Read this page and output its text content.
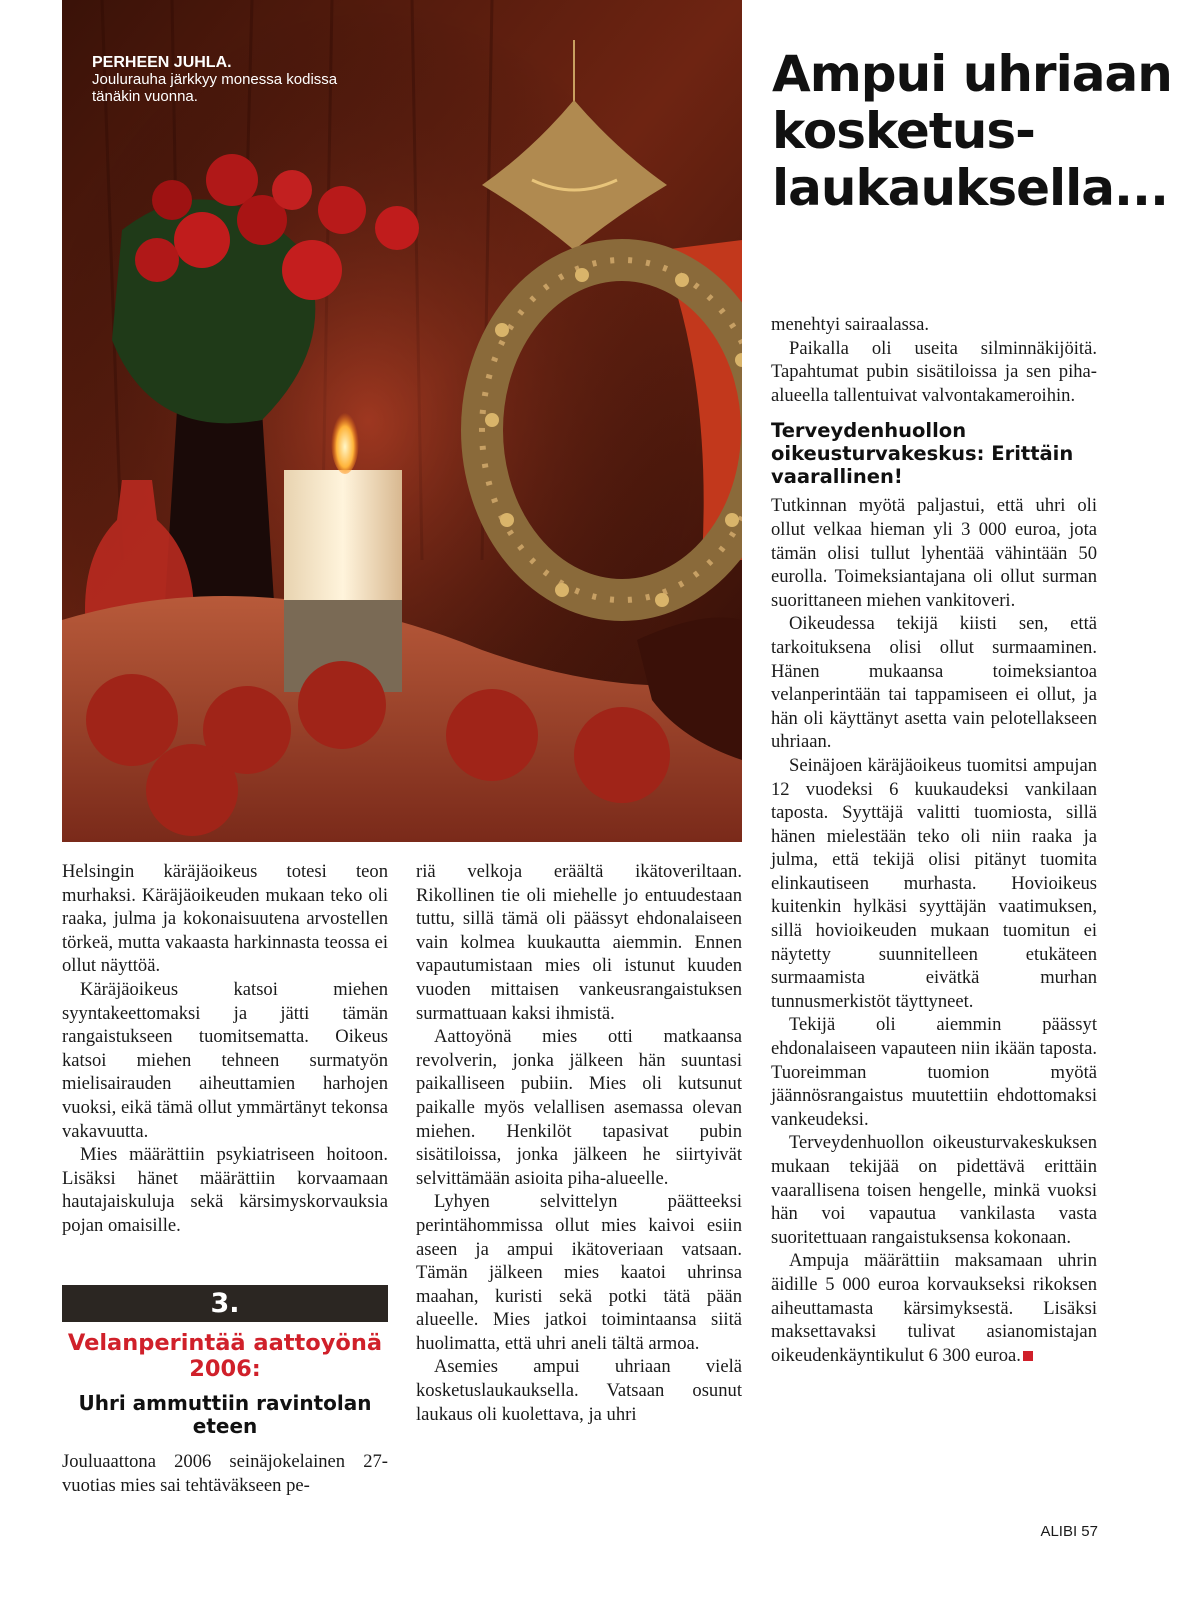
PERHEEN JUHLA.
Joulurauha järkkyy monessa kodissa tänäkin vuonna.	Ampui uhriaan kosketus-laukauksella...

Helsingin käräjäoikeus totesi teon murhaksi. Käräjäoikeuden mukaan teko oli raaka, julma ja kokonaisuutena arvostellen törkeä, mutta vakaasta harkinnasta teossa ei ollut näyttöä.

Käräjäoikeus katsoi miehen syyntakeettomaksi ja jätti tämän rangaistukseen tuomitsematta. Oikeus katsoi miehen tehneen surmatyön mielisairauden aiheuttamien harhojen vuoksi, eikä tämä ollut ymmärtänyt tekonsa vakavuutta.

Mies määrättiin psykiatriseen hoitoon. Lisäksi hänet määrättiin korvaamaan hautajaiskuluja sekä kärsimyskorvauksia pojan omaisille.

3.
Velanperintää aattoyönä 2006:
Uhri ammuttiin ravintolan eteen

Jouluaattona 2006 seinäjokelainen 27-vuotias mies sai tehtäväkseen pe-

riä velkoja eräältä ikätoveriltaan. Rikollinen tie oli miehelle jo entuudestaan tuttu, sillä tämä oli päässyt ehdonalaiseen vain kolmea kuukautta aiemmin. Ennen vapautumistaan mies oli istunut kuuden vuoden mittaisen vankeusrangaistuksen surmattuaan kaksi ihmistä.

Aattoyönä mies otti matkaansa revolverin, jonka jälkeen hän suuntasi paikalliseen pubiin. Mies oli kutsunut paikalle myös velallisen asemassa olevan miehen. Henkilöt tapasivat pubin sisätiloissa, jonka jälkeen he siirtyivät selvittämään asioita piha-alueelle.

Lyhyen selvittelyn päätteeksi perintähommissa ollut mies kaivoi esiin aseen ja ampui ikätoveriaan vatsaan. Tämän jälkeen mies kaatoi uhrinsa maahan, kuristi sekä potki tätä pään alueelle. Mies jatkoi toimintaansa siitä huolimatta, että uhri aneli tältä armoa.

Asemies ampui uhriaan vielä kosketuslaukauksella. Vatsaan osunut laukaus oli kuolettava, ja uhri

menehtyi sairaalassa.

Paikalla oli useita silminnäkijöitä. Tapahtumat pubin sisätiloissa ja sen piha-alueella tallentuivat valvontakameroihin.

Terveydenhuollon oikeusturvakeskus: Erittäin vaarallinen!

Tutkinnan myötä paljastui, että uhri oli ollut velkaa hieman yli 3 000 euroa, jota tämän olisi tullut lyhentää vähintään 50 eurolla. Toimeksiantajana oli ollut surman suorittaneen miehen vankitoveri.

Oikeudessa tekijä kiisti sen, että tarkoituksena olisi ollut surmaaminen. Hänen mukaansa toimeksiantoa velanperintään tai tappamiseen ei ollut, ja hän oli käyttänyt asetta vain pelotellakseen uhriaan.

Seinäjoen käräjäoikeus tuomitsi ampujan 12 vuodeksi 6 kuukaudeksi vankilaan taposta. Syyttäjä valitti tuomiosta, sillä hänen mielestään teko oli niin raaka ja julma, että tekijä olisi pitänyt tuomita elinkautiseen murhasta. Hovioikeus kuitenkin hylkäsi syyttäjän vaatimuksen, sillä hovioikeuden mukaan tuomitun ei näytetty suunnitelleen etukäteen surmaamista eivätkä murhan tunnusmerkistöt täyttyneet.

Tekijä oli aiemmin päässyt ehdonalaiseen vapauteen niin ikään taposta. Tuoreimman tuomion myötä jäännösrangaistus muutettiin ehdottomaksi vankeudeksi.

Terveydenhuollon oikeusturvakeskuksen mukaan tekijää on pidettävä erittäin vaarallisena toisen hengelle, minkä vuoksi hän voi vapautua vankilasta vasta suoritettuaan rangaistuksensa kokonaan.

Ampuja määrättiin maksamaan uhrin äidille 5 000 euroa korvaukseksi rikoksen aiheuttamasta kärsimyksestä. Lisäksi maksettavaksi tulivat asianomistajan oikeudenkäyntikulut 6 300 euroa.

ALIBI 57
